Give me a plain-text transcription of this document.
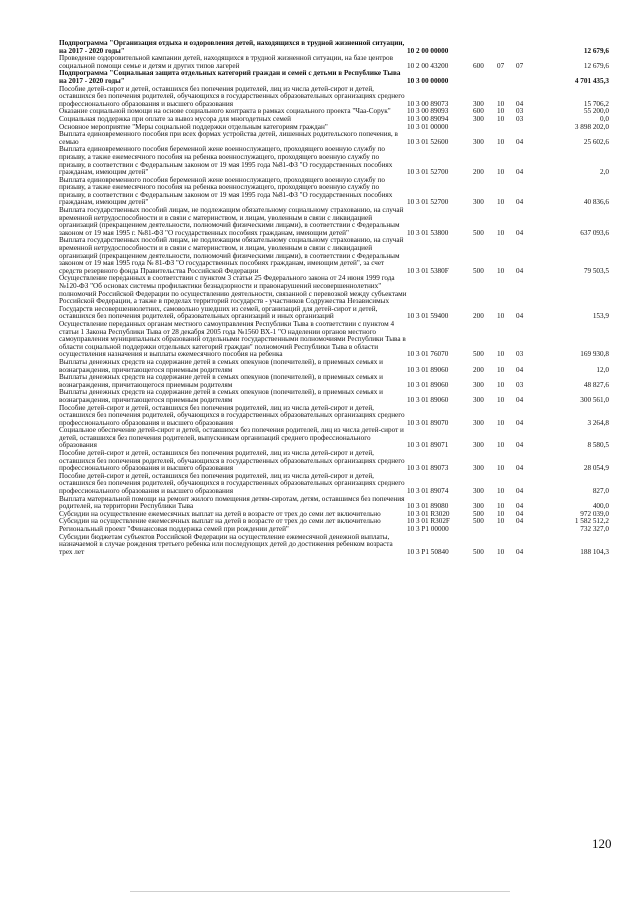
Подпрограмма "Организация отдыха и оздоровления детей, находящихся в трудной жизненной ситуации, на 2017 - 2020 годы"	10 2 00 00000				12 679,6
Проведение оздоровительной кампании детей, находящихся в трудной жизненной ситуации, на базе центров социальной помощи семье и детям и других типов лагерей	10 2 00 43200	600	07	07	12 679,6
Подпрограмма "Социальная защита отдельных категорий граждан и семей с детьми в Республике Тыва на 2017 - 2020 годы"	10 3 00 00000				4 701 435,3
Пособие детей-сирот и детей, оставшихся без попечения родителей, лиц из числа детей-сирот и детей, оставшихся без попечения родителей, обучающихся в государственных образовательных организациях среднего профессионального образования и высшего образования	10 3 00 89073	300	10	04	15 706,2
Оказание социальной помощи на основе социального контракта в рамках социального проекта "Чаа-Сорук"	10 3 00 89093	600	10	03	55 200,0
Социальная поддержка при оплате за вывоз мусора для многодетных семей	10 3 00 89094	300	10	03	0,0
Основное мероприятие "Меры социальной поддержки отдельным категориям граждан"	10 3 01 00000				3 898 202,0
Выплата единовременного пособия при всех формах устройства детей, лишенных родительского попечения, в семью	10 3 01 52600	300	10	04	25 602,6
Выплата единовременного пособия беременной жене военнослужащего, проходящего военную службу по призыву, а также ежемесячного пособия на ребенка военнослужащего, проходящего военную службу по призыву, в соответствии с Федеральным законом от 19 мая 1995 года №81-ФЗ "О государственных пособиях гражданам, имеющим детей"	10 3 01 52700	200	10	04	2,0
Выплата единовременного пособия беременной жене военнослужащего, проходящего военную службу по призыву, а также ежемесячного пособия на ребенка военнослужащего, проходящего военную службу по призыву, в соответствии с Федеральным законом от 19 мая 1995 года №81-ФЗ "О государственных пособиях гражданам, имеющим детей"	10 3 01 52700	300	10	04	40 836,6
Выплата государственных пособий лицам, не подлежащим обязательному социальному страхованию, на случай временной нетрудоспособности и в связи с материнством, и лицам, уволенным в связи с ликвидацией организаций (прекращением деятельности, полномочий физическими лицами), в соответствии с Федеральным законом от 19 мая 1995 г. №81-ФЗ "О государственных пособиях гражданам, имеющим детей"	10 3 01 53800	500	10	04	637 093,6
Выплата государственных пособий лицам, не подлежащим обязательному социальному страхованию, на случай временной нетрудоспособности и в связи с материнством, и лицам, уволенным в связи с ликвидацией организаций (прекращением деятельности, полномочий физическими лицами), в соответствии с Федеральным законом от 19 мая 1995 года № 81-ФЗ "О государственных пособиях гражданам, имеющим детей", за счет средств резервного фонда Правительства Российской Федерации	10 3 01 5380F	500	10	04	79 503,5
Осуществление переданных в соответствии с пунктом 3 статьи 25 Федерального закона от 24 июня 1999 года №120-ФЗ "Об основах системы профилактики безнадзорности и правонарушений несовершеннолетних" полномочий Российской Федерации по осуществлению деятельности, связанной с перевозкой между субъектами Российской Федерации, а также в пределах территорий государств - участников Содружества Независимых Государств несовершеннолетних, самовольно ушедших из семей, организаций для детей-сирот и детей, оставшихся без попечения родителей, образовательных организаций и иных организаций	10 3 01 59400	200	10	04	153,9
Осуществление переданных органам местного самоуправления Республики Тыва в соответствии с пунктом 4 статьи 1 Закона Республики Тыва от 28 декабря 2005 года №1560 ВХ-1 "О наделении органов местного самоуправления муниципальных образований отдельными государственными полномочиями Республики Тыва в области социальной поддержки отдельных категорий граждан" полномочий Республики Тыва в области осуществления назначения и выплаты ежемесячного пособия на ребенка	10 3 01 76070	500	10	03	169 930,8
Выплаты денежных средств на содержание детей в семьях опекунов (попечителей), в приемных семьях и вознаграждения, причитающегося приемным родителям	10 3 01 89060	200	10	04	12,0
Выплаты денежных средств на содержание детей в семьях опекунов (попечителей), в приемных семьях и вознаграждения, причитающегося приемным родителям	10 3 01 89060	300	10	03	48 827,6
Выплаты денежных средств на содержание детей в семьях опекунов (попечителей), в приемных семьях и вознаграждения, причитающегося приемным родителям	10 3 01 89060	300	10	04	300 561,0
Пособие детей-сирот и детей, оставшихся без попечения родителей, лиц из числа детей-сирот и детей, оставшихся без попечения родителей, обучающихся в государственных образовательных организациях среднего профессионального образования и высшего образования	10 3 01 89070	300	10	04	3 264,8
Социальное обеспечение детей-сирот и детей, оставшихся без попечения родителей, лиц из числа детей-сирот и детей, оставшихся без попечения родителей, выпускникам организаций среднего профессионального образования	10 3 01 89071	300	10	04	8 580,5
Пособие детей-сирот и детей, оставшихся без попечения родителей, лиц из числа детей-сирот и детей, оставшихся без попечения родителей, обучающихся в государственных образовательных организациях среднего профессионального образования и высшего образования	10 3 01 89073	300	10	04	28 054,9
Пособие детей-сирот и детей, оставшихся без попечения родителей, лиц из числа детей-сирот и детей, оставшихся без попечения родителей, обучающихся в государственных образовательных организациях среднего профессионального образования и высшего образования	10 3 01 89074	300	10	04	827,0
Выплата материальной помощи на ремонт жилого помещения детям-сиротам, детям, оставшимся без попечения родителей, на территории Республики Тыва	10 3 01 89080	300	10	04	400,0
Субсидии на осуществление ежемесячных выплат на детей в возрасте от трех до семи лет включительно	10 3 01 R3020	500	10	04	972 039,0
Субсидии на осуществление ежемесячных выплат на детей в возрасте от трех до семи лет включительно	10 3 01 R302F	500	10	04	1 582 512,2
Региональный проект "Финансовая поддержка семей при рождении детей"	10 3 P1 00000				732 327,0
Субсидии бюджетам субъектов Российской Федерации на осуществление ежемесячной денежной выплаты, назначаемой в случае рождения третьего ребенка или последующих детей до достижения ребенком возраста трех лет	10 3 P1 50840	500	10	04	188 104,3
120
